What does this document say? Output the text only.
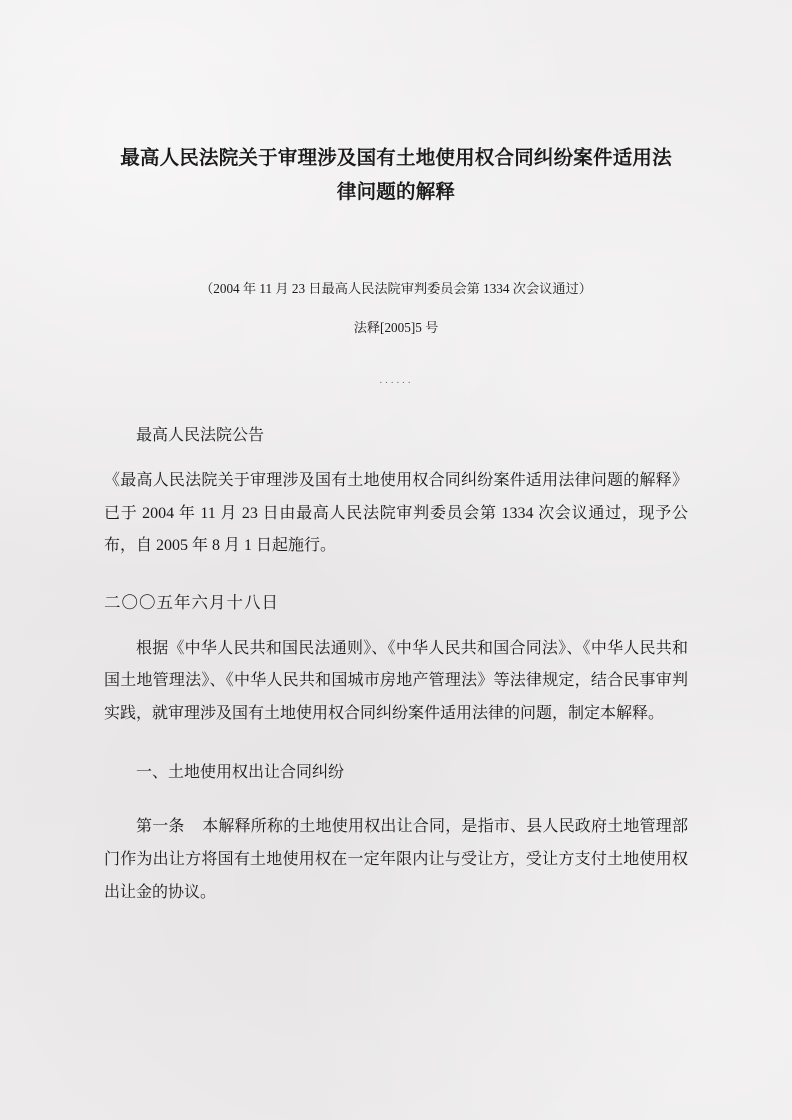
最高人民法院关于审理涉及国有土地使用权合同纠纷案件适用法
律问题的解释
（2004 年 11 月 23 日最高人民法院审判委员会第 1334 次会议通过）
法释[2005]5 号
······
最高人民法院公告

《最高人民法院关于审理涉及国有土地使用权合同纠纷案件适用法律问题的解释》已于 2004 年 11 月 23 日由最高人民法院审判委员会第 1334 次会议通过，现予公布，自 2005 年 8 月 1 日起施行。

二〇〇五年六月十八日

根据《中华人民共和国民法通则》、《中华人民共和国合同法》、《中华人民共和国土地管理法》、《中华人民共和国城市房地产管理法》等法律规定，结合民事审判实践，就审理涉及国有土地使用权合同纠纷案件适用法律的问题，制定本解释。

一、土地使用权出让合同纠纷

第一条 本解释所称的土地使用权出让合同，是指市、县人民政府土地管理部门作为出让方将国有土地使用权在一定年限内让与受让方，受让方支付土地使用权出让金的协议。
